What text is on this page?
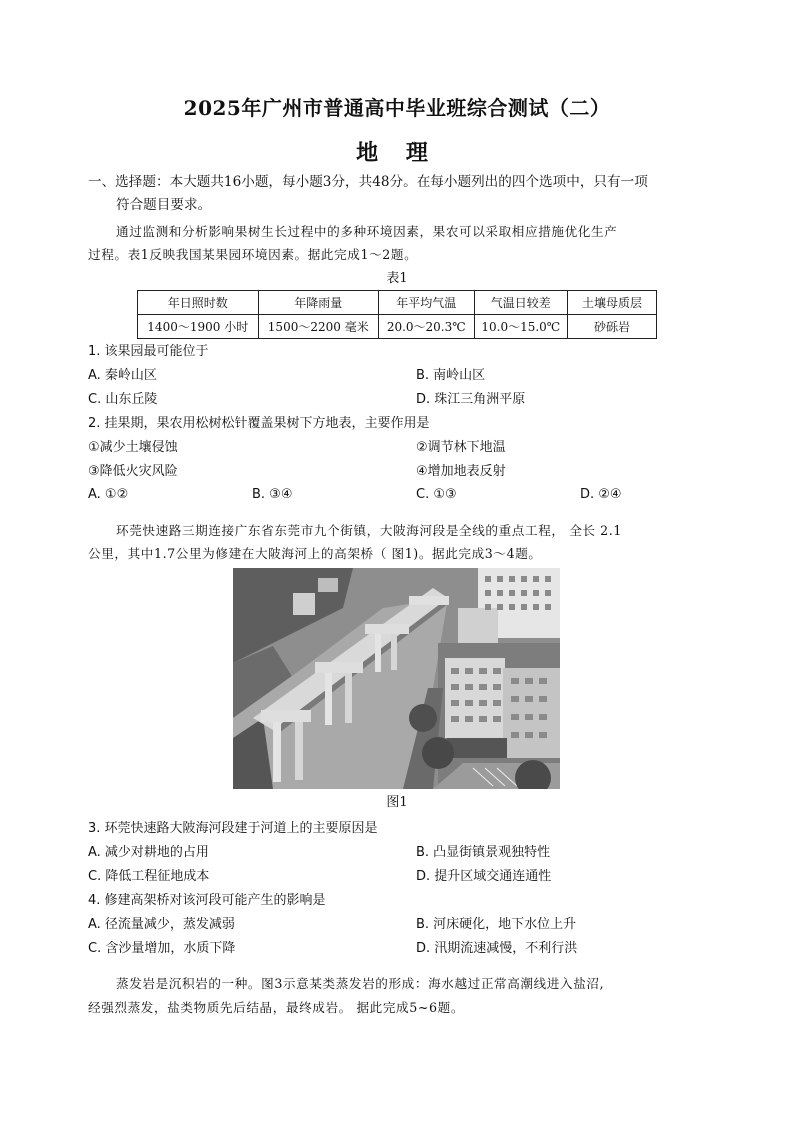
2025年广州市普通高中毕业班综合测试（二）
地 理
一、选择题：本大题共16小题，每小题3分，共48分。在每小题列出的四个选项中，只有一项
符合题目要求。
通过监测和分析影响果树生长过程中的多种环境因素，果农可以采取相应措施优化生产
过程。表1反映我国某果园环境因素。据此完成1～2题。
表1
年日照时数	年降雨量	年平均气温	气温日较差	土壤母质层
1400～1900 小时	1500～2200 毫米	20.0～20.3℃	10.0～15.0℃	砂砾岩
1. 该果园最可能位于
A. 秦岭山区	B. 南岭山区
C. 山东丘陵	D. 珠江三角洲平原
2. 挂果期，果农用松树松针覆盖果树下方地表，主要作用是
①减少土壤侵蚀	②调节林下地温
③降低火灾风险	④增加地表反射
A. ①②	B. ③④	C. ①③	D. ②④
环莞快速路三期连接广东省东莞市九个街镇，大陂海河段是全线的重点工程， 全长 2.1
公里，其中1.7公里为修建在大陂海河上的高架桥（ 图1)。据此完成3～4题。
图1
3. 环莞快速路大陂海河段建于河道上的主要原因是
A. 减少对耕地的占用	B. 凸显街镇景观独特性
C. 降低工程征地成本	D. 提升区域交通连通性
4. 修建高架桥对该河段可能产生的影响是
A. 径流量减少，蒸发减弱	B. 河床硬化，地下水位上升
C. 含沙量增加，水质下降	D. 汛期流速减慢，不利行洪
蒸发岩是沉积岩的一种。图3示意某类蒸发岩的形成：海水越过正常高潮线进入盐沼,
经强烈蒸发，盐类物质先后结晶，最终成岩。 据此完成5~6题。
